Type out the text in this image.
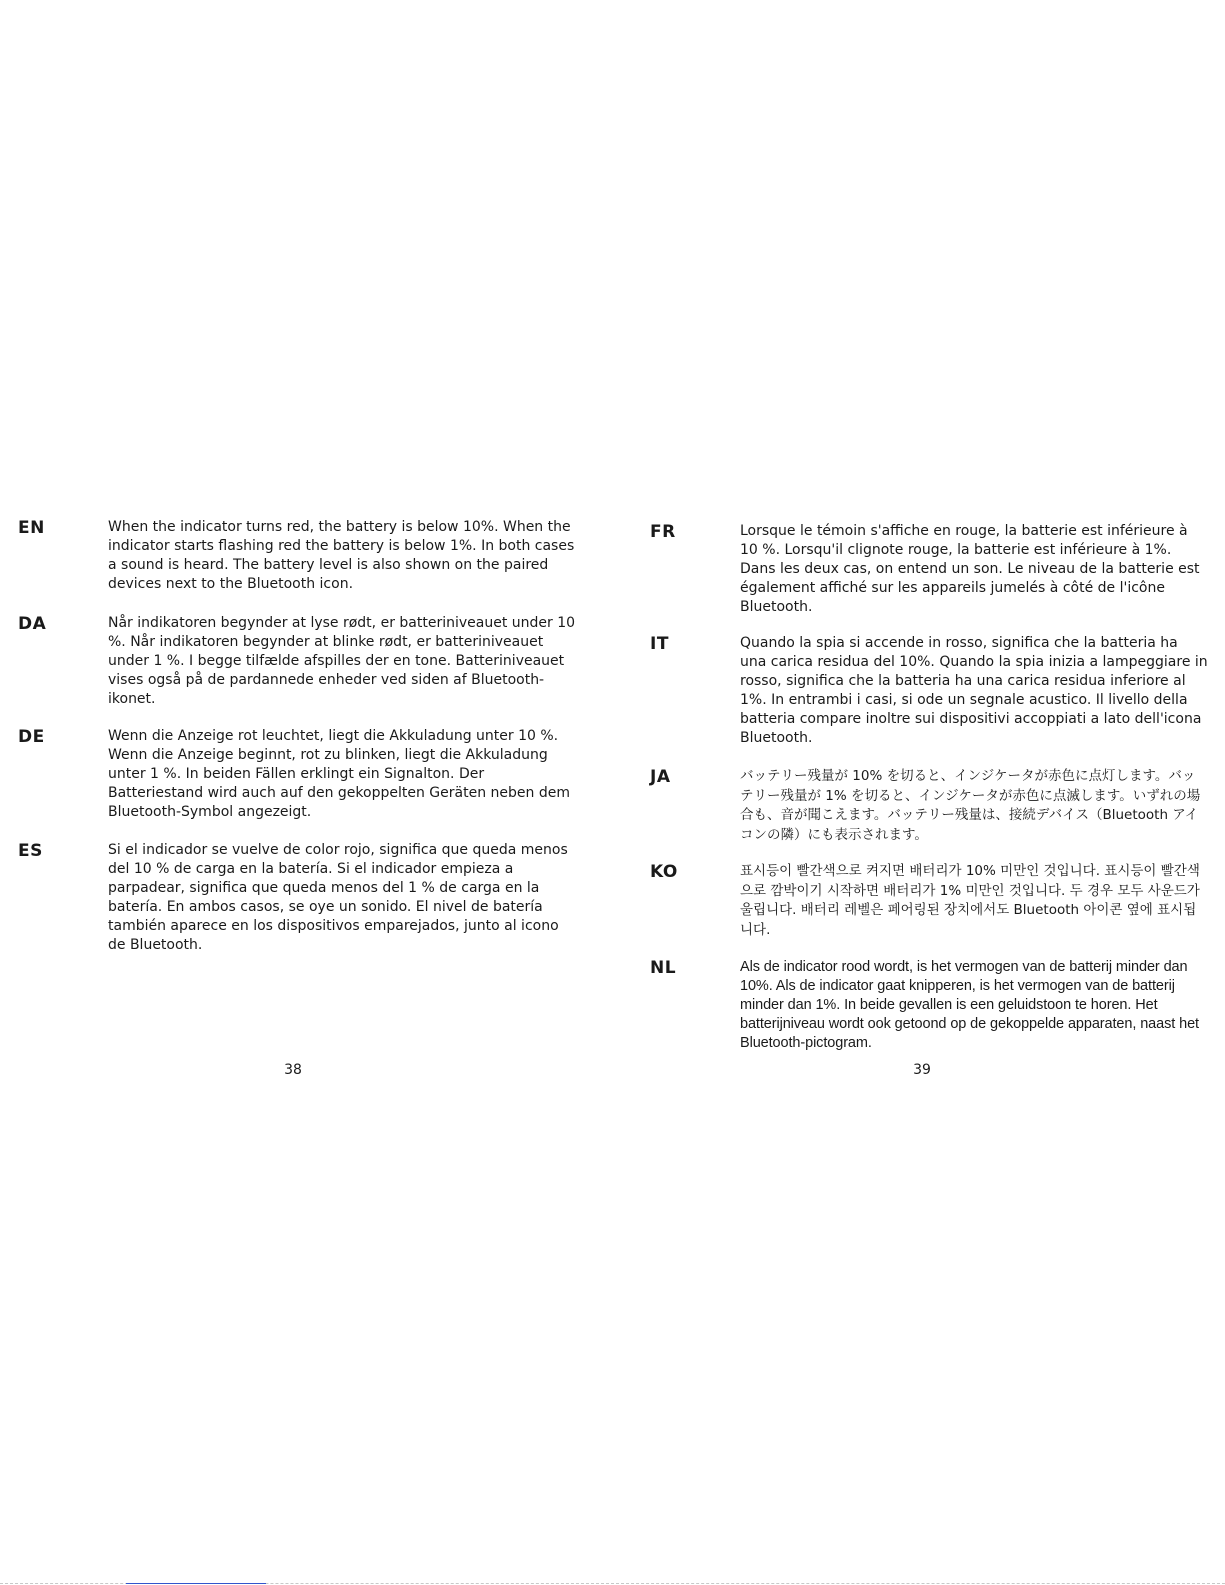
EN	When the indicator turns red, the battery is below 10%. When the indicator starts flashing red the battery is below 1%. In both cases a sound is heard. The battery level is also shown on the paired devices next to the Bluetooth icon.

DA	Når indikatoren begynder at lyse rødt, er batteriniveauet under 10 %. Når indikatoren begynder at blinke rødt, er batteriniveauet under 1 %. I begge tilfælde afspilles der en tone. Batteriniveauet vises også på de pardannede enheder ved siden af Bluetooth-ikonet.

DE	Wenn die Anzeige rot leuchtet, liegt die Akkuladung unter 10 %. Wenn die Anzeige beginnt, rot zu blinken, liegt die Akkuladung unter 1 %. In beiden Fällen erklingt ein Signalton. Der Batteriestand wird auch auf den gekoppelten Geräten neben dem Bluetooth-Symbol angezeigt.

ES	Si el indicador se vuelve de color rojo, significa que queda menos del 10 % de carga en la batería. Si el indicador empieza a parpadear, significa que queda menos del 1 % de carga en la batería. En ambos casos, se oye un sonido. El nivel de batería también aparece en los dispositivos emparejados, junto al icono de Bluetooth.

38
FR	Lorsque le témoin s'affiche en rouge, la batterie est inférieure à 10 %. Lorsqu'il clignote rouge, la batterie est inférieure à 1%. Dans les deux cas, on entend un son. Le niveau de la batterie est également affiché sur les appareils jumelés à côté de l'icône Bluetooth.

IT	Quando la spia si accende in rosso, significa che la batteria ha una carica residua del 10%. Quando la spia inizia a lampeggiare in rosso, significa che la batteria ha una carica residua inferiore al 1%. In entrambi i casi, si ode un segnale acustico. Il livello della batteria compare inoltre sui dispositivi accoppiati a lato dell'icona Bluetooth.

JA	バッテリー残量が 10% を切ると、インジケータが赤色に点灯します。バッテリー残量が 1% を切ると、インジケータが赤色に点滅します。いずれの場合も、音が聞こえます。バッテリー残量は、接続デバイス（Bluetooth アイコンの隣）にも表示されます。

KO	표시등이 빨간색으로 켜지면 배터리가 10% 미만인 것입니다. 표시등이 빨간색으로 깜박이기 시작하면 배터리가 1% 미만인 것입니다. 두 경우 모두 사운드가 울립니다. 배터리 레벨은 페어링된 장치에서도 Bluetooth 아이콘 옆에 표시됩니다.

NL	Als de indicator rood wordt, is het vermogen van de batterij minder dan 10%. Als de indicator gaat knipperen, is het vermogen van de batterij minder dan 1%. In beide gevallen is een geluidstoon te horen. Het batterijniveau wordt ook getoond op de gekoppelde apparaten, naast het Bluetooth-pictogram.

39
